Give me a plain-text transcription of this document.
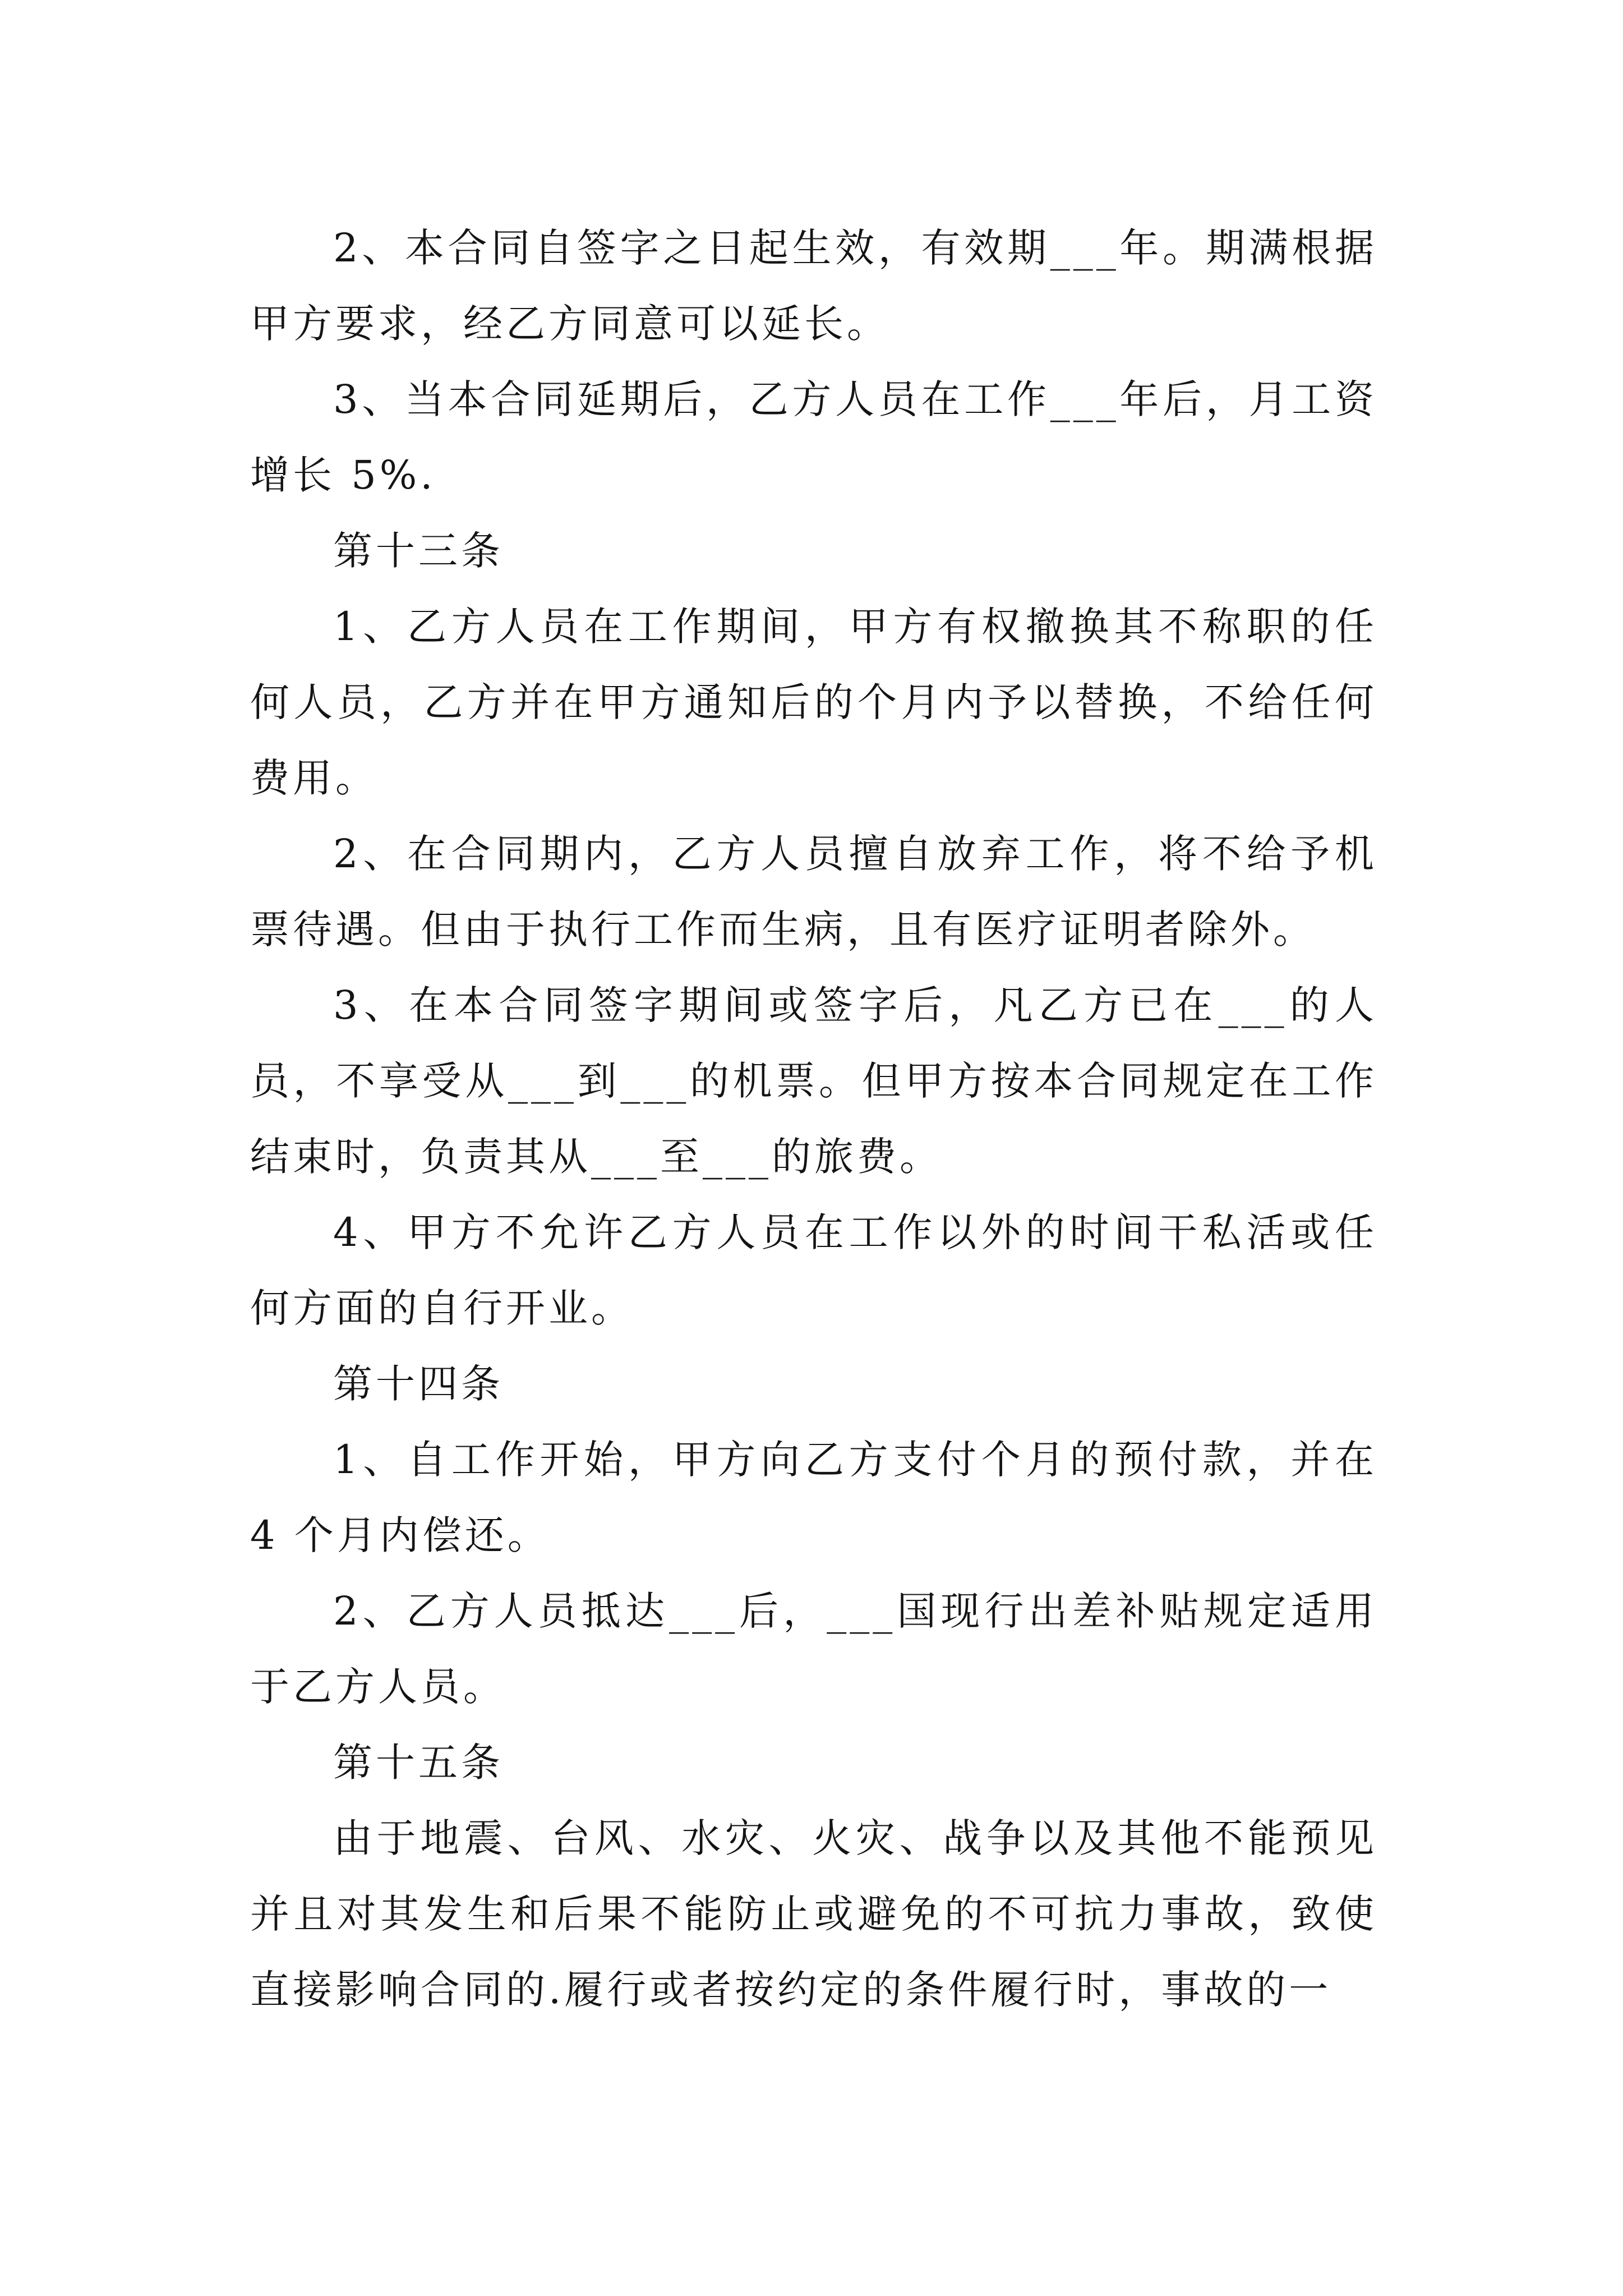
2、本合同自签字之日起生效，有效期___年。期满根据甲方要求，经乙方同意可以延长。

3、当本合同延期后，乙方人员在工作___年后，月工资增长 5%.

第十三条

1、乙方人员在工作期间，甲方有权撤换其不称职的任何人员，乙方并在甲方通知后的个月内予以替换，不给任何费用。

2、在合同期内，乙方人员擅自放弃工作，将不给予机票待遇。但由于执行工作而生病，且有医疗证明者除外。

3、在本合同签字期间或签字后，凡乙方已在___的人员，不享受从___到___的机票。但甲方按本合同规定在工作结束时，负责其从___至___的旅费。

4、甲方不允许乙方人员在工作以外的时间干私活或任何方面的自行开业。

第十四条

1、自工作开始，甲方向乙方支付个月的预付款，并在 4 个月内偿还。

2、乙方人员抵达___后，___国现行出差补贴规定适用于乙方人员。

第十五条

由于地震、台风、水灾、火灾、战争以及其他不能预见并且对其发生和后果不能防止或避免的不可抗力事故，致使直接影响合同的.履行或者按约定的条件履行时，事故的一
